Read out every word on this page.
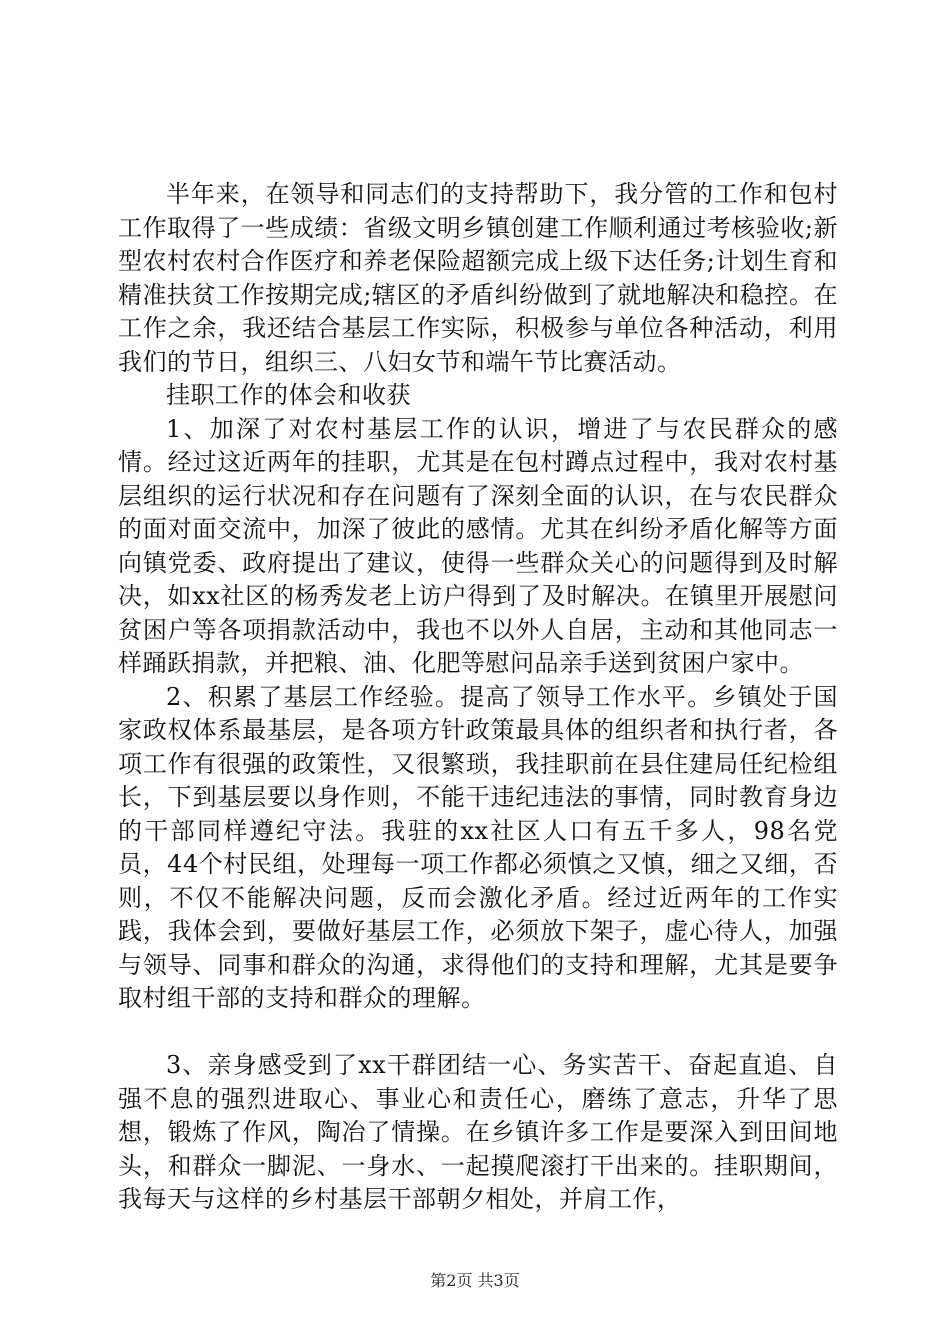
半年来，在领导和同志们的支持帮助下，我分管的工作和包村工作取得了一些成绩：省级文明乡镇创建工作顺利通过考核验收;新型农村农村合作医疗和养老保险超额完成上级下达任务;计划生育和精准扶贫工作按期完成;辖区的矛盾纠纷做到了就地解决和稳控。在工作之余，我还结合基层工作实际，积极参与单位各种活动，利用我们的节日，组织三、八妇女节和端午节比赛活动。

挂职工作的体会和收获

1、加深了对农村基层工作的认识，增进了与农民群众的感情。经过这近两年的挂职，尤其是在包村蹲点过程中，我对农村基层组织的运行状况和存在问题有了深刻全面的认识，在与农民群众的面对面交流中，加深了彼此的感情。尤其在纠纷矛盾化解等方面向镇党委、政府提出了建议，使得一些群众关心的问题得到及时解决，如xx社区的杨秀发老上访户得到了及时解决。在镇里开展慰问贫困户等各项捐款活动中，我也不以外人自居，主动和其他同志一样踊跃捐款，并把粮、油、化肥等慰问品亲手送到贫困户家中。

2、积累了基层工作经验。提高了领导工作水平。乡镇处于国家政权体系最基层，是各项方针政策最具体的组织者和执行者，各项工作有很强的政策性，又很繁琐，我挂职前在县住建局任纪检组长，下到基层要以身作则，不能干违纪违法的事情，同时教育身边的干部同样遵纪守法。我驻的xx社区人口有五千多人，98名党员，44个村民组，处理每一项工作都必须慎之又慎，细之又细，否则，不仅不能解决问题，反而会激化矛盾。经过近两年的工作实践，我体会到，要做好基层工作，必须放下架子，虚心待人，加强与领导、同事和群众的沟通，求得他们的支持和理解，尤其是要争取村组干部的支持和群众的理解。

3、亲身感受到了xx干群团结一心、务实苦干、奋起直追、自强不息的强烈进取心、事业心和责任心，磨练了意志，升华了思想，锻炼了作风，陶冶了情操。在乡镇许多工作是要深入到田间地头，和群众一脚泥、一身水、一起摸爬滚打干出来的。挂职期间，我每天与这样的乡村基层干部朝夕相处，并肩工作，

第2页 共3页
